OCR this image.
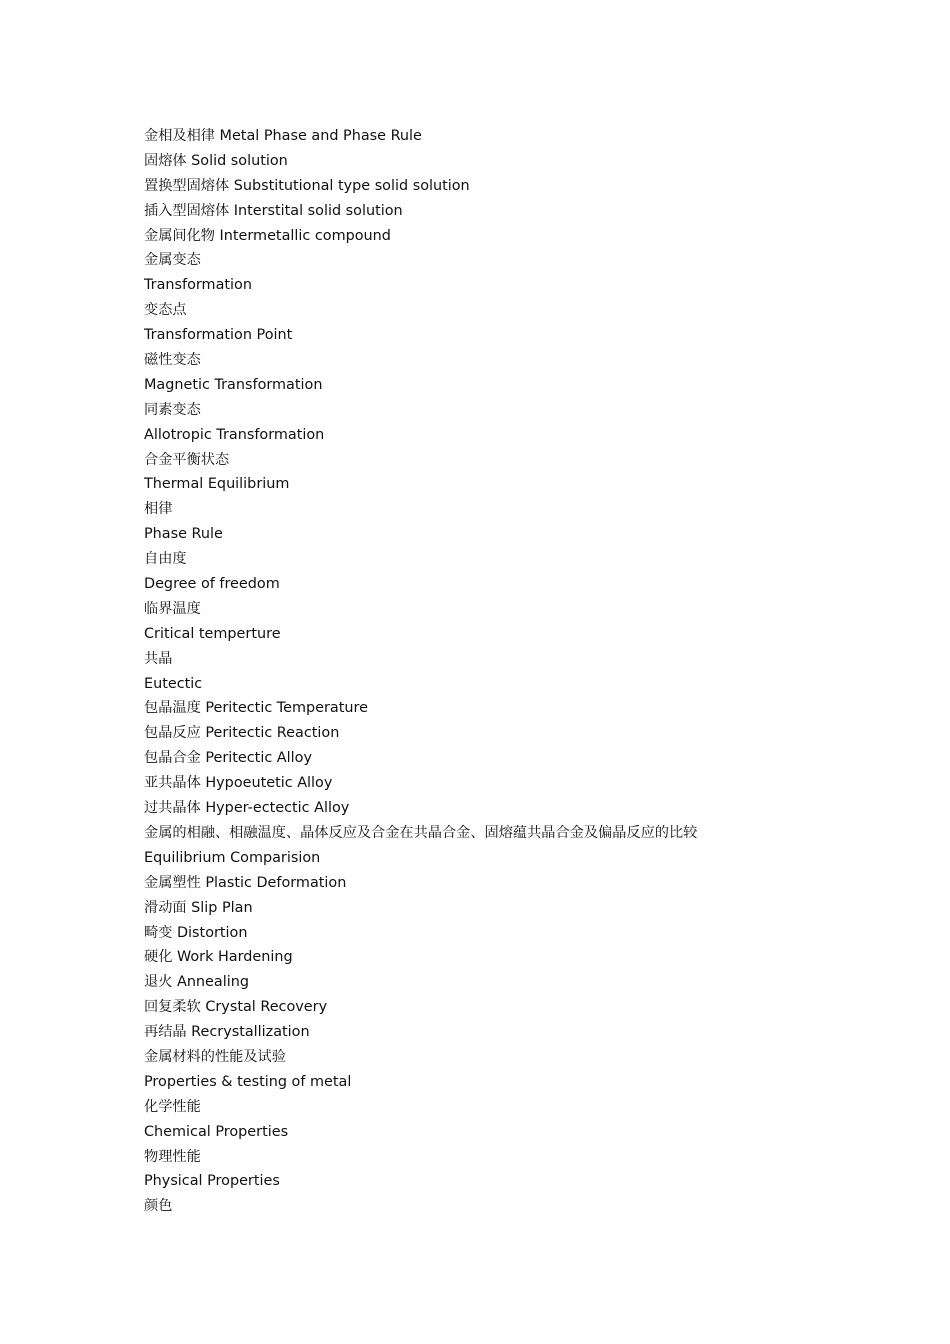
金相及相律 Metal Phase and Phase Rule
固熔体 Solid solution
置换型固熔体 Substitutional type solid solution
插入型固熔体 Interstital solid solution
金属间化物 Intermetallic compound
金属变态
Transformation
变态点
Transformation Point
磁性变态
Magnetic Transformation
同素变态
Allotropic Transformation
合金平衡状态
Thermal Equilibrium
相律
Phase Rule
自由度
Degree of freedom
临界温度
Critical temperture
共晶
Eutectic
包晶温度 Peritectic Temperature
包晶反应 Peritectic Reaction
包晶合金 Peritectic Alloy
亚共晶体 Hypoeutetic Alloy
过共晶体 Hyper-ectectic Alloy
金属的相融、相融温度、晶体反应及合金在共晶合金、固熔蕴共晶合金及偏晶反应的比较
Equilibrium Comparision
金属塑性 Plastic Deformation
滑动面 Slip Plan
畸变 Distortion
硬化 Work Hardening
退火 Annealing
回复柔软 Crystal Recovery
再结晶 Recrystallization
金属材料的性能及试验
Properties & testing of metal
化学性能
Chemical Properties
物理性能
Physical Properties
颜色
